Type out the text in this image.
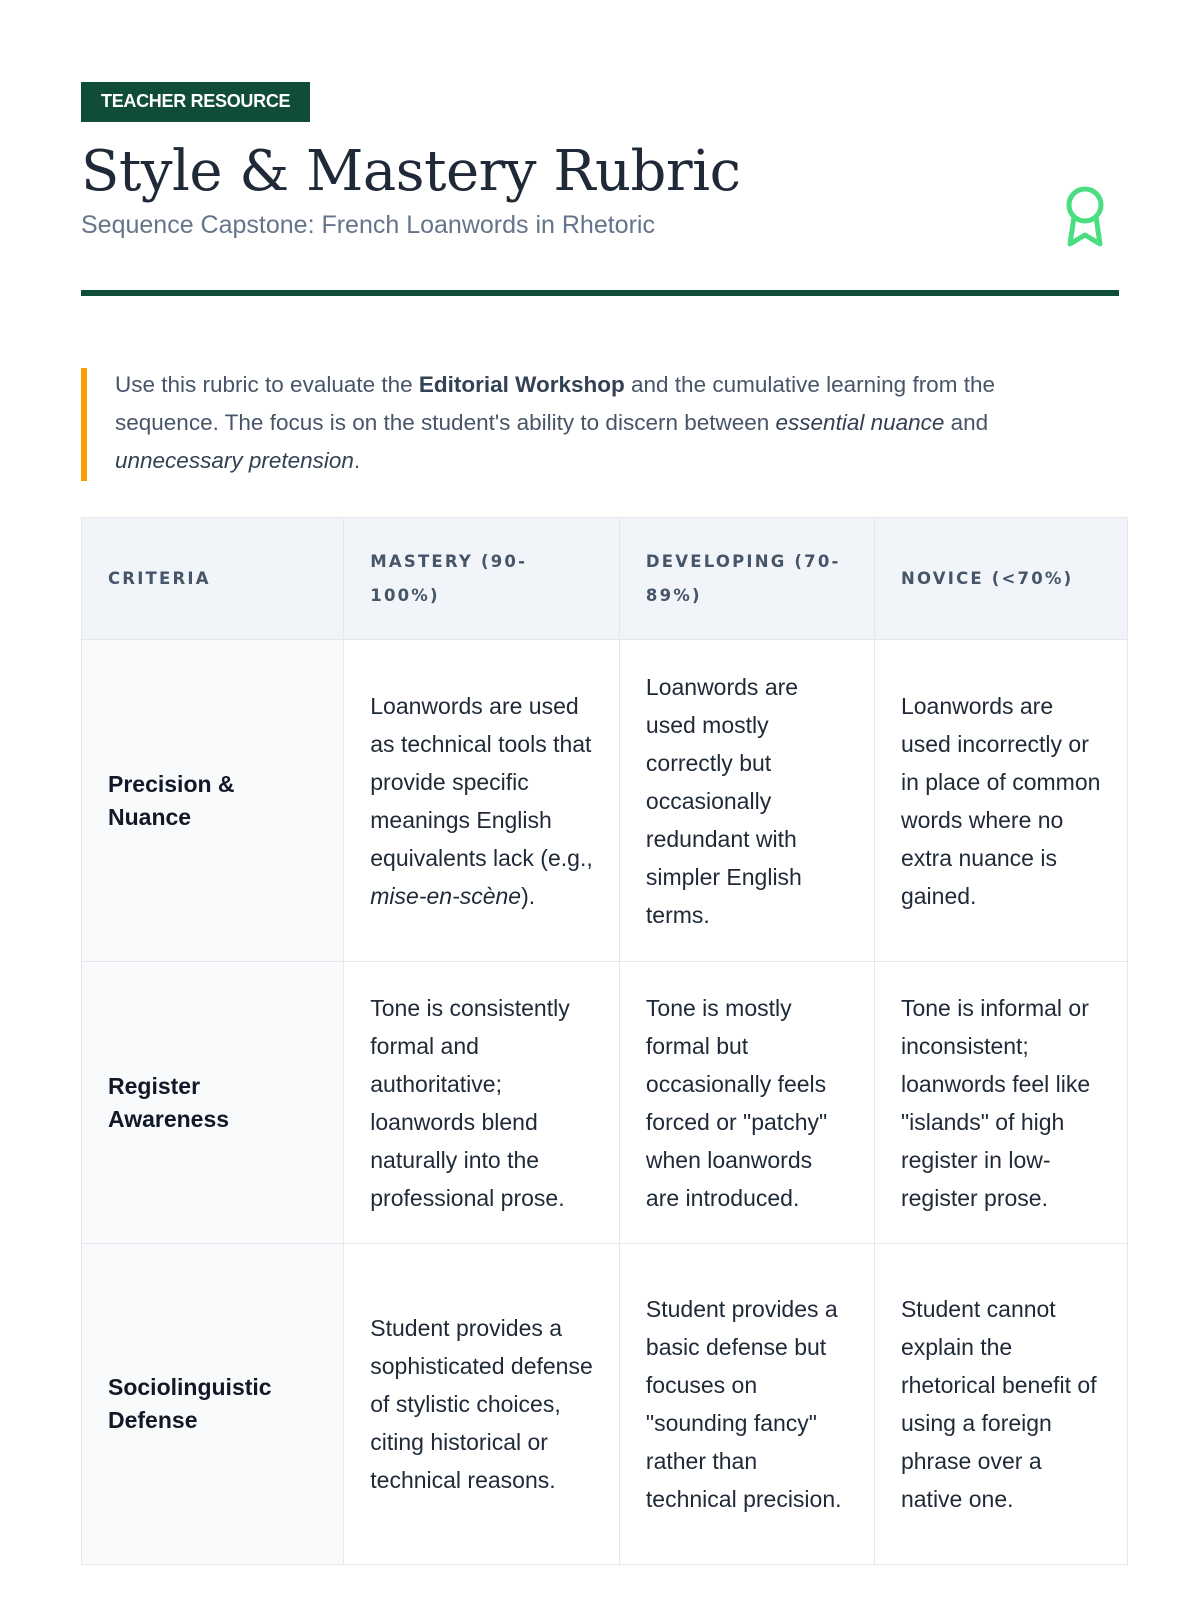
TEACHER RESOURCE
Style & Mastery Rubric
Sequence Capstone: French Loanwords in Rhetoric
Use this rubric to evaluate the Editorial Workshop and the cumulative learning from the sequence. The focus is on the student's ability to discern between essential nuance and unnecessary pretension.
CRITERIA	MASTERY (90-100%)	DEVELOPING (70-89%)	NOVICE (<70%)
Precision & Nuance	Loanwords are used as technical tools that provide specific meanings English equivalents lack (e.g., mise-en-scène).	Loanwords are used mostly correctly but occasionally redundant with simpler English terms.	Loanwords are used incorrectly or in place of common words where no extra nuance is gained.
Register Awareness	Tone is consistently formal and authoritative; loanwords blend naturally into the professional prose.	Tone is mostly formal but occasionally feels forced or "patchy" when loanwords are introduced.	Tone is informal or inconsistent; loanwords feel like "islands" of high register in low-register prose.
Sociolinguistic Defense	Student provides a sophisticated defense of stylistic choices, citing historical or technical reasons.	Student provides a basic defense but focuses on "sounding fancy" rather than technical precision.	Student cannot explain the rhetorical benefit of using a foreign phrase over a native one.
